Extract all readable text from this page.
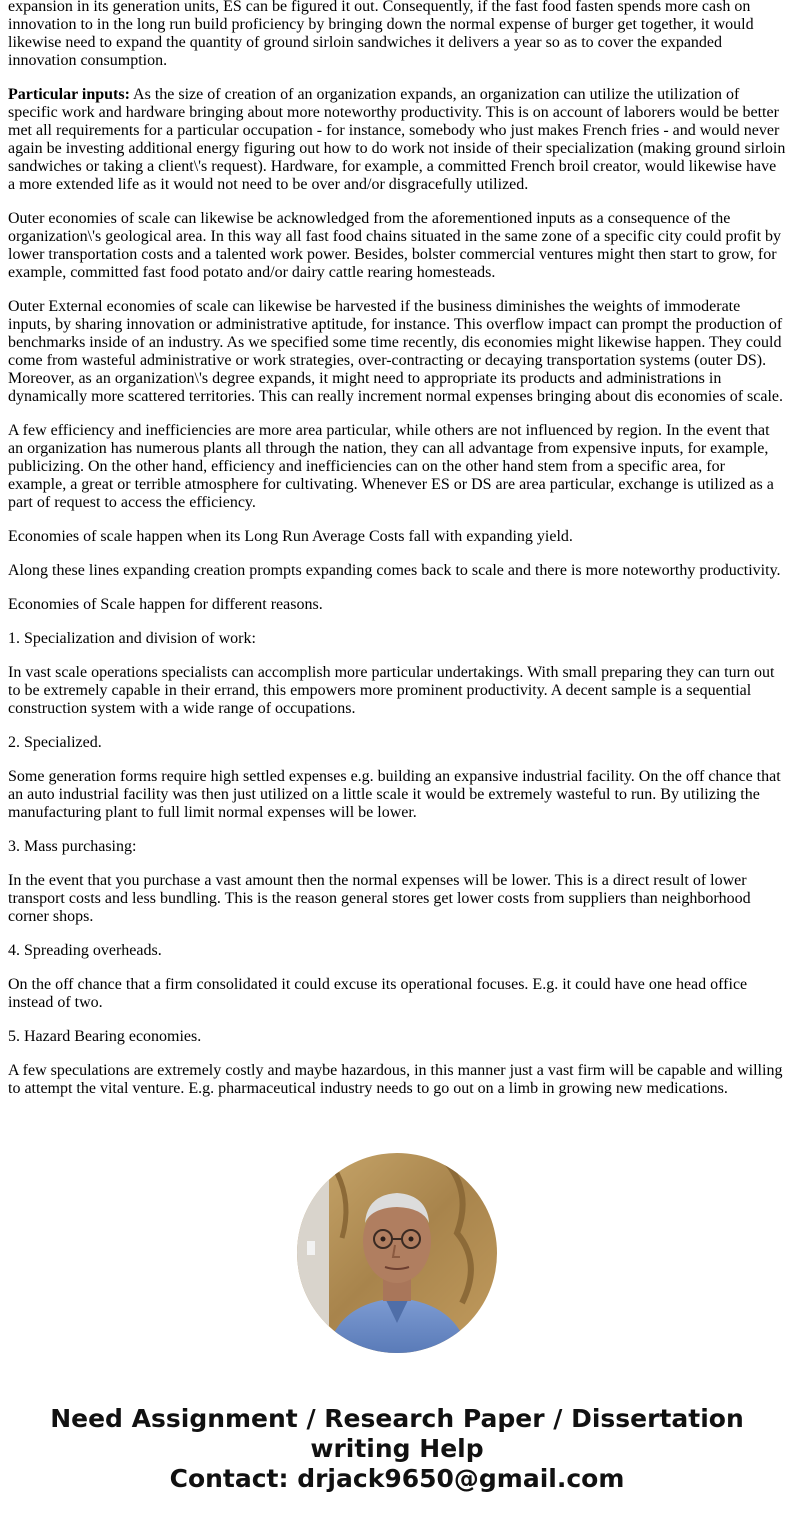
expansion in its generation units, ES can be figured it out. Consequently, if the fast food fasten spends more cash on innovation to in the long run build proficiency by bringing down the normal expense of burger get together, it would likewise need to expand the quantity of ground sirloin sandwiches it delivers a year so as to cover the expanded innovation consumption.

Particular inputs: As the size of creation of an organization expands, an organization can utilize the utilization of specific work and hardware bringing about more noteworthy productivity. This is on account of laborers would be better met all requirements for a particular occupation - for instance, somebody who just makes French fries - and would never again be investing additional energy figuring out how to do work not inside of their specialization (making ground sirloin sandwiches or taking a client\'s request). Hardware, for example, a committed French broil creator, would likewise have a more extended life as it would not need to be over and/or disgracefully utilized.

Outer economies of scale can likewise be acknowledged from the aforementioned inputs as a consequence of the organization\'s geological area. In this way all fast food chains situated in the same zone of a specific city could profit by lower transportation costs and a talented work power. Besides, bolster commercial ventures might then start to grow, for example, committed fast food potato and/or dairy cattle rearing homesteads.

Outer External economies of scale can likewise be harvested if the business diminishes the weights of immoderate inputs, by sharing innovation or administrative aptitude, for instance. This overflow impact can prompt the production of benchmarks inside of an industry. As we specified some time recently, dis economies might likewise happen. They could come from wasteful administrative or work strategies, over-contracting or decaying transportation systems (outer DS). Moreover, as an organization\'s degree expands, it might need to appropriate its products and administrations in dynamically more scattered territories. This can really increment normal expenses bringing about dis economies of scale.

A few efficiency and inefficiencies are more area particular, while others are not influenced by region. In the event that an organization has numerous plants all through the nation, they can all advantage from expensive inputs, for example, publicizing. On the other hand, efficiency and inefficiencies can on the other hand stem from a specific area, for example, a great or terrible atmosphere for cultivating. Whenever ES or DS are area particular, exchange is utilized as a part of request to access the efficiency.

Economies of scale happen when its Long Run Average Costs fall with expanding yield.

Along these lines expanding creation prompts expanding comes back to scale and there is more noteworthy productivity.

Economies of Scale happen for different reasons.

1. Specialization and division of work:

In vast scale operations specialists can accomplish more particular undertakings. With small preparing they can turn out to be extremely capable in their errand, this empowers more prominent productivity. A decent sample is a sequential construction system with a wide range of occupations.

2. Specialized.

Some generation forms require high settled expenses e.g. building an expansive industrial facility. On the off chance that an auto industrial facility was then just utilized on a little scale it would be extremely wasteful to run. By utilizing the manufacturing plant to full limit normal expenses will be lower.

3. Mass purchasing:

In the event that you purchase a vast amount then the normal expenses will be lower. This is a direct result of lower transport costs and less bundling. This is the reason general stores get lower costs from suppliers than neighborhood corner shops.

4. Spreading overheads.

On the off chance that a firm consolidated it could excuse its operational focuses. E.g. it could have one head office instead of two.

5. Hazard Bearing economies.

A few speculations are extremely costly and maybe hazardous, in this manner just a vast firm will be capable and willing to attempt the vital venture. E.g. pharmaceutical industry needs to go out on a limb in growing new medications.

Need Assignment / Research Paper / Dissertation writing Help
Contact: drjack9650@gmail.com
